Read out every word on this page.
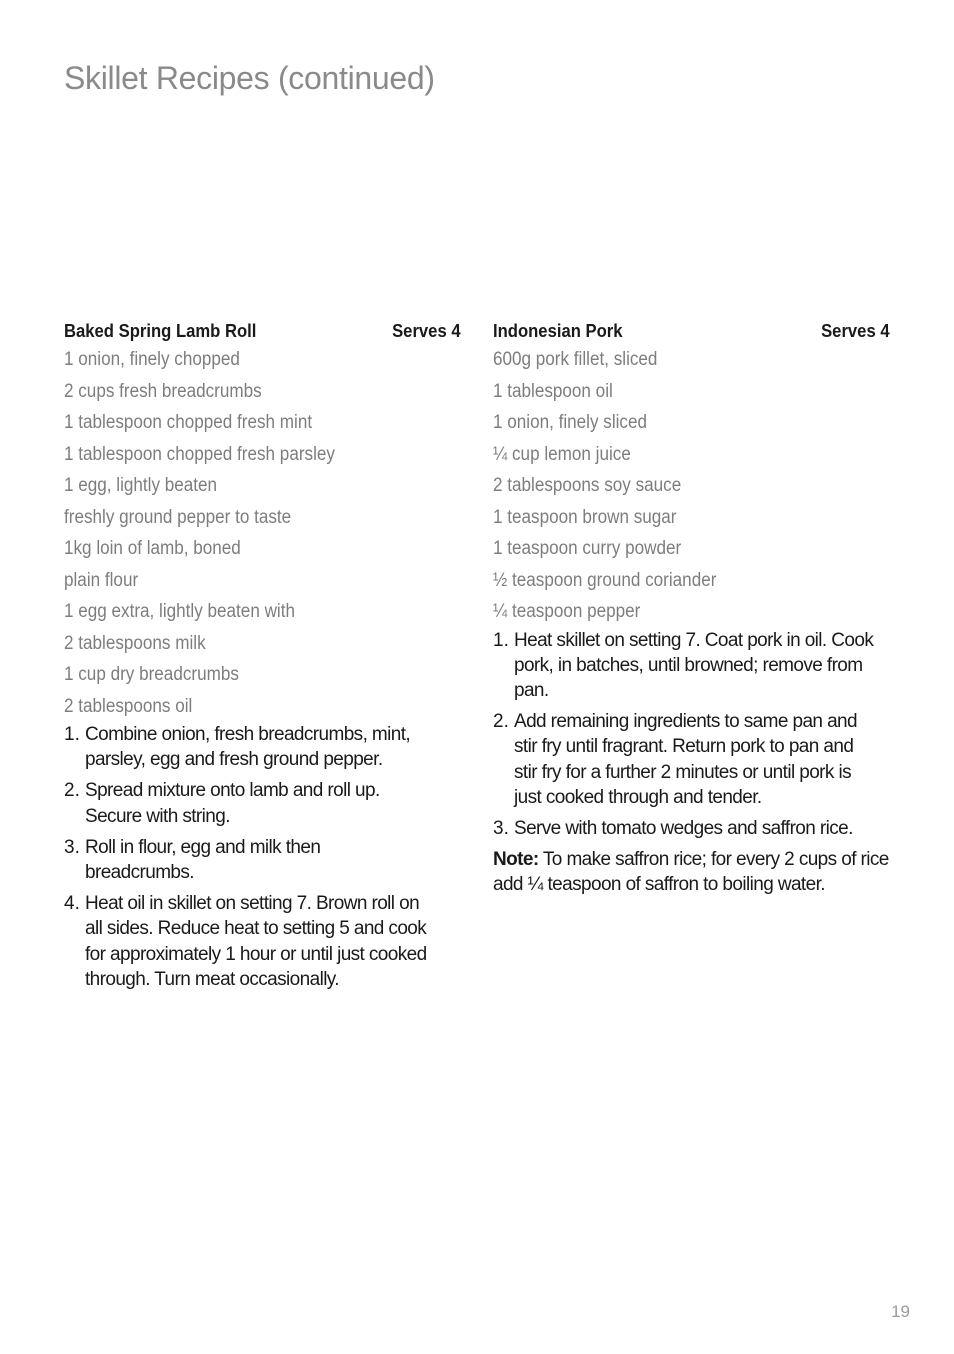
Skillet Recipes (continued)
Baked Spring Lamb Roll	Serves 4
1 onion, finely chopped
2 cups fresh breadcrumbs
1 tablespoon chopped fresh mint
1 tablespoon chopped fresh parsley
1 egg, lightly beaten
freshly ground pepper to taste
1kg loin of lamb, boned
plain flour
1 egg extra, lightly beaten with
2 tablespoons milk
1 cup dry breadcrumbs
2 tablespoons oil
1. Combine onion, fresh breadcrumbs, mint, parsley, egg and fresh ground pepper.
2. Spread mixture onto lamb and roll up. Secure with string.
3. Roll in flour, egg and milk then breadcrumbs.
4. Heat oil in skillet on setting 7. Brown roll on all sides. Reduce heat to setting 5 and cook for approximately 1 hour or until just cooked through. Turn meat occasionally.
Indonesian Pork	Serves 4
600g pork fillet, sliced
1 tablespoon oil
1 onion, finely sliced
¼ cup lemon juice
2 tablespoons soy sauce
1 teaspoon brown sugar
1 teaspoon curry powder
½ teaspoon ground coriander
¼ teaspoon pepper
1. Heat skillet on setting 7. Coat pork in oil. Cook pork, in batches, until browned; remove from pan.
2. Add remaining ingredients to same pan and stir fry until fragrant. Return pork to pan and stir fry for a further 2 minutes or until pork is just cooked through and tender.
3. Serve with tomato wedges and saffron rice.

Note: To make saffron rice; for every 2 cups of rice add ¼ teaspoon of saffron to boiling water.

19
